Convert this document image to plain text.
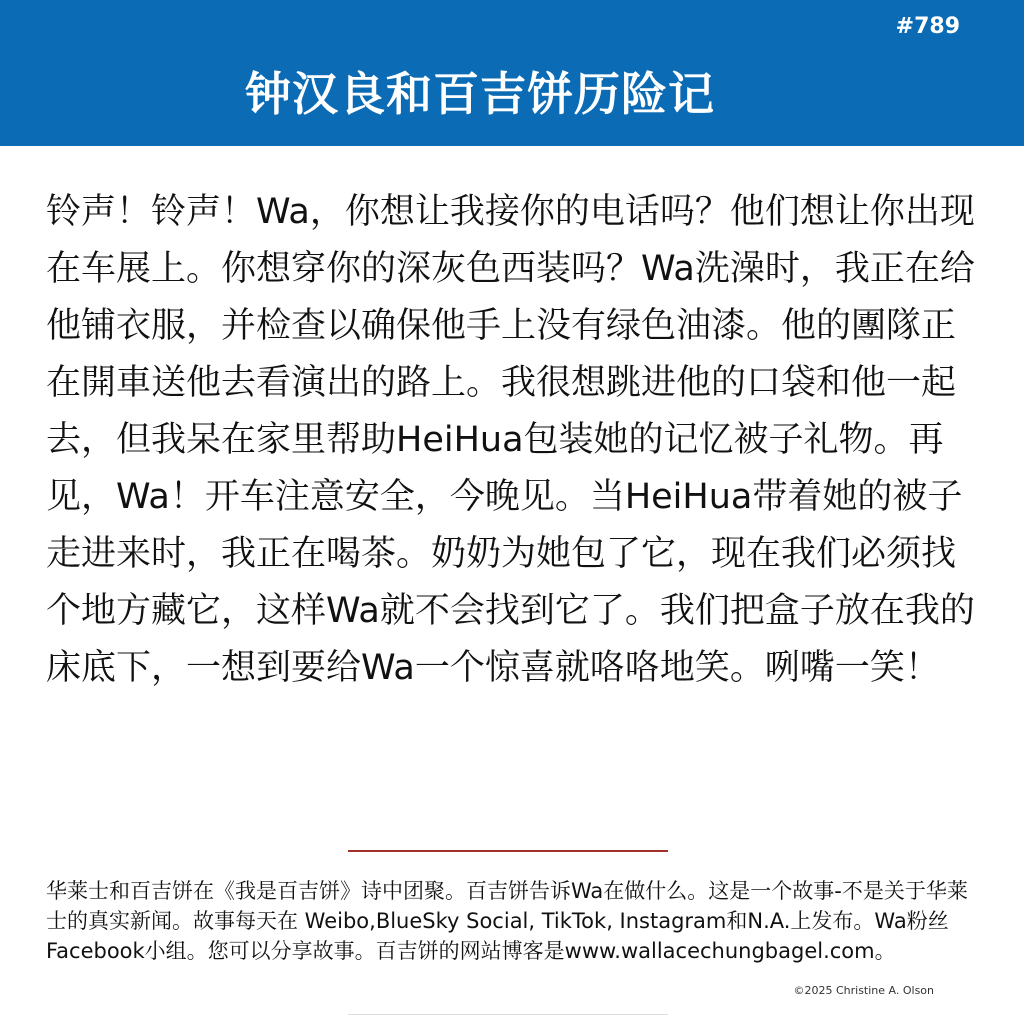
#789
钟汉良和百吉饼历险记

铃声！铃声！Wa，你想让我接你的电话吗？他们想让你出现在车展上。你想穿你的深灰色西装吗？Wa洗澡时，我正在给他铺衣服，并检查以确保他手上没有绿色油漆。他的團隊正在開車送他去看演出的路上。我很想跳进他的口袋和他一起去，但我呆在家里帮助HeiHua包装她的记忆被子礼物。再见，Wa！开车注意安全，今晚见。当HeiHua带着她的被子走进来时，我正在喝茶。奶奶为她包了它，现在我们必须找个地方藏它，这样Wa就不会找到它了。我们把盒子放在我的床底下，一想到要给Wa一个惊喜就咯咯地笑。咧嘴一笑！

华莱士和百吉饼在《我是百吉饼》诗中团聚。百吉饼告诉Wa在做什么。这是一个故事-不是关于华莱士的真实新闻。故事每天在 Weibo,BlueSky Social, TikTok, Instagram和N.A.上发布。Wa粉丝Facebook小组。您可以分享故事。百吉饼的网站博客是www.wallacechungbagel.com。

©2025 Christine A. Olson
